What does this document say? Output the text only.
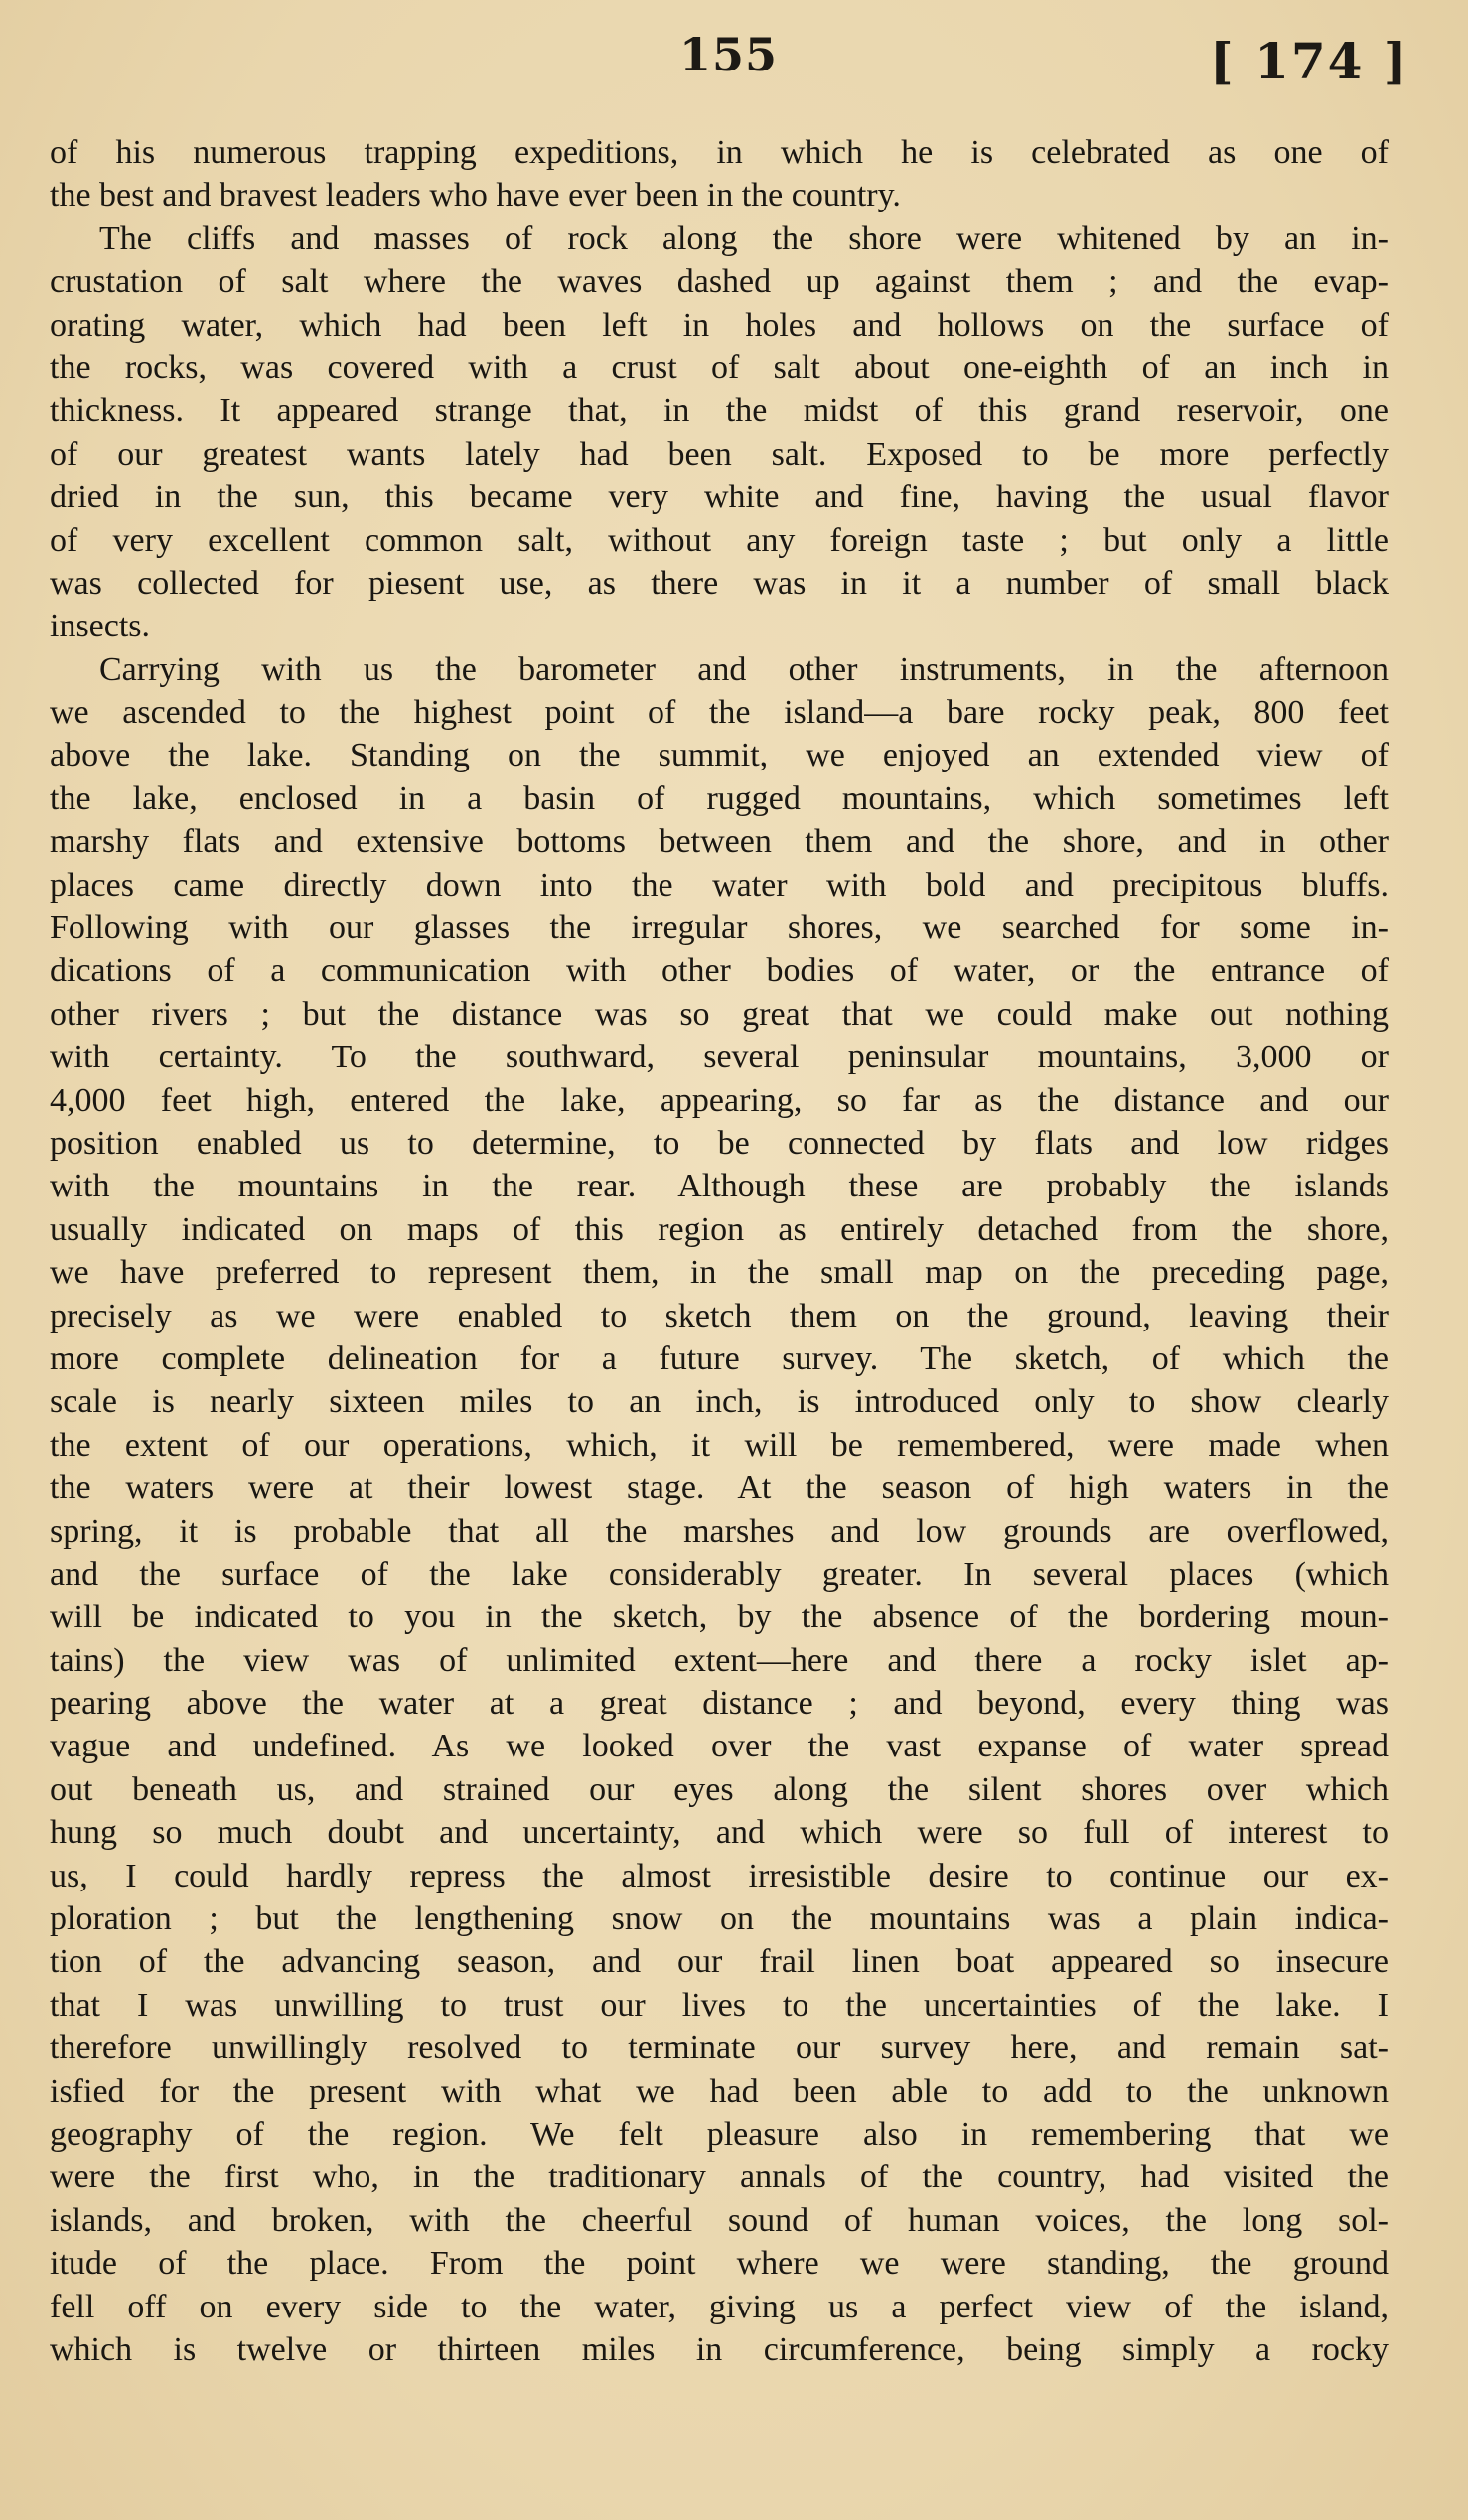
155	[ 174 ]
of his numerous trapping expeditions, in which he is celebrated as one of
the best and bravest leaders who have ever been in the country.
The cliffs and masses of rock along the shore were whitened by an in-
crustation of salt where the waves dashed up against them ; and the evap-
orating water, which had been left in holes and hollows on the surface of
the rocks, was covered with a crust of salt about one-eighth of an inch in
thickness. It appeared strange that, in the midst of this grand reservoir, one
of our greatest wants lately had been salt. Exposed to be more perfectly
dried in the sun, this became very white and fine, having the usual flavor
of very excellent common salt, without any foreign taste ; but only a little
was collected for piesent use, as there was in it a number of small black
insects.
Carrying with us the barometer and other instruments, in the afternoon
we ascended to the highest point of the island—a bare rocky peak, 800 feet
above the lake. Standing on the summit, we enjoyed an extended view of
the lake, enclosed in a basin of rugged mountains, which sometimes left
marshy flats and extensive bottoms between them and the shore, and in other
places came directly down into the water with bold and precipitous bluffs.
Following with our glasses the irregular shores, we searched for some in-
dications of a communication with other bodies of water, or the entrance of
other rivers ; but the distance was so great that we could make out nothing
with certainty. To the southward, several peninsular mountains, 3,000 or
4,000 feet high, entered the lake, appearing, so far as the distance and our
position enabled us to determine, to be connected by flats and low ridges
with the mountains in the rear. Although these are probably the islands
usually indicated on maps of this region as entirely detached from the shore,
we have preferred to represent them, in the small map on the preceding page,
precisely as we were enabled to sketch them on the ground, leaving their
more complete delineation for a future survey. The sketch, of which the
scale is nearly sixteen miles to an inch, is introduced only to show clearly
the extent of our operations, which, it will be remembered, were made when
the waters were at their lowest stage. At the season of high waters in the
spring, it is probable that all the marshes and low grounds are overflowed,
and the surface of the lake considerably greater. In several places (which
will be indicated to you in the sketch, by the absence of the bordering moun-
tains) the view was of unlimited extent—here and there a rocky islet ap-
pearing above the water at a great distance ; and beyond, every thing was
vague and undefined. As we looked over the vast expanse of water spread
out beneath us, and strained our eyes along the silent shores over which
hung so much doubt and uncertainty, and which were so full of interest to
us, I could hardly repress the almost irresistible desire to continue our ex-
ploration ; but the lengthening snow on the mountains was a plain indica-
tion of the advancing season, and our frail linen boat appeared so insecure
that I was unwilling to trust our lives to the uncertainties of the lake. I
therefore unwillingly resolved to terminate our survey here, and remain sat-
isfied for the present with what we had been able to add to the unknown
geography of the region. We felt pleasure also in remembering that we
were the first who, in the traditionary annals of the country, had visited the
islands, and broken, with the cheerful sound of human voices, the long sol-
itude of the place. From the point where we were standing, the ground
fell off on every side to the water, giving us a perfect view of the island,
which is twelve or thirteen miles in circumference, being simply a rocky
